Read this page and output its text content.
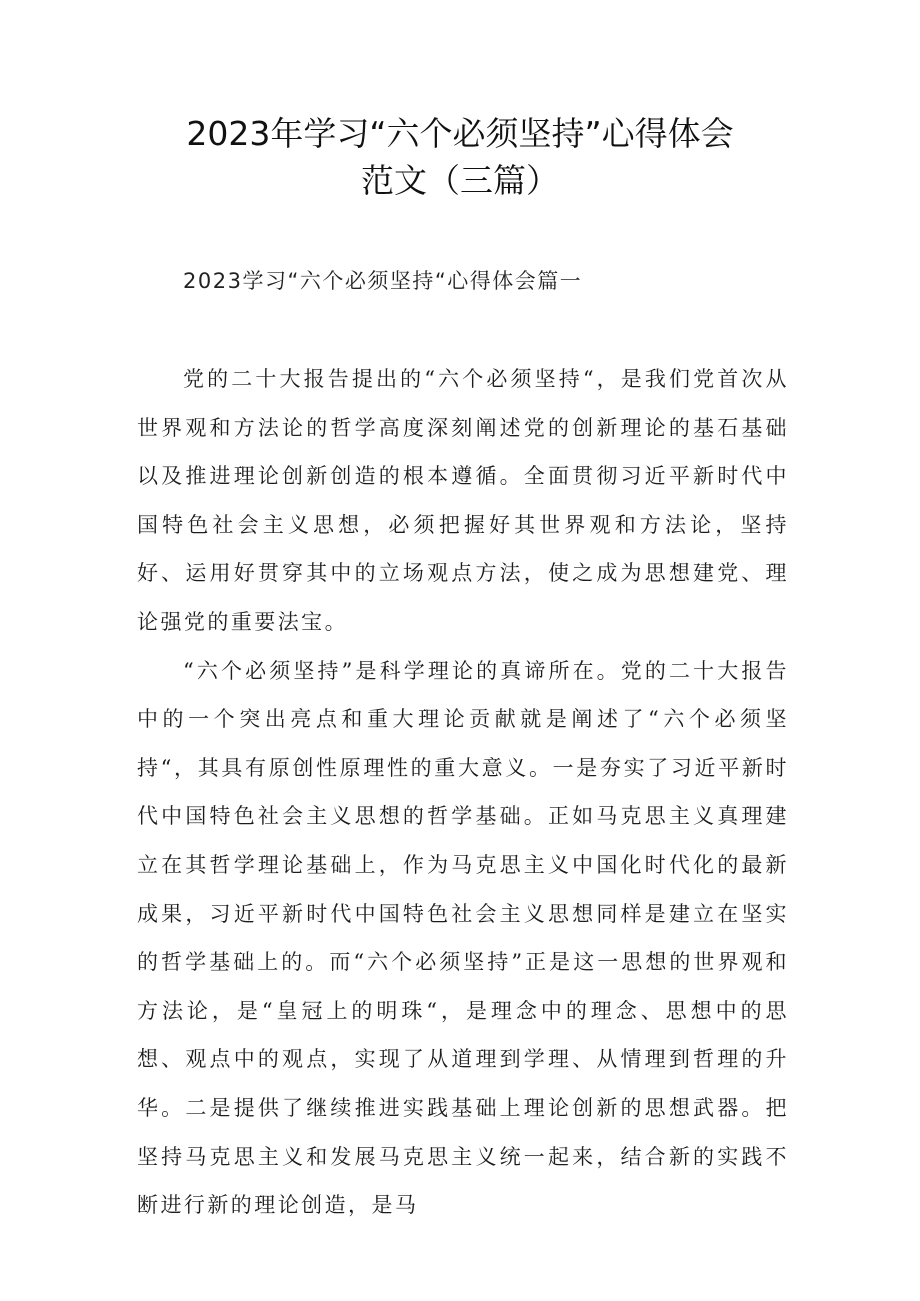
2023年学习“六个必须坚持”心得体会
范文（三篇）

2023学习“六个必须坚持“心得体会篇一

党的二十大报告提出的“六个必须坚持“，是我们党首次从世界观和方法论的哲学高度深刻阐述党的创新理论的基石基础以及推进理论创新创造的根本遵循。全面贯彻习近平新时代中国特色社会主义思想，必须把握好其世界观和方法论，坚持好、运用好贯穿其中的立场观点方法，使之成为思想建党、理论强党的重要法宝。

“六个必须坚持”是科学理论的真谛所在。党的二十大报告中的一个突出亮点和重大理论贡献就是阐述了“六个必须坚持“，其具有原创性原理性的重大意义。一是夯实了习近平新时代中国特色社会主义思想的哲学基础。正如马克思主义真理建立在其哲学理论基础上，作为马克思主义中国化时代化的最新成果，习近平新时代中国特色社会主义思想同样是建立在坚实的哲学基础上的。而“六个必须坚持”正是这一思想的世界观和方法论，是“皇冠上的明珠“，是理念中的理念、思想中的思想、观点中的观点，实现了从道理到学理、从情理到哲理的升华。二是提供了继续推进实践基础上理论创新的思想武器。把坚持马克思主义和发展马克思主义统一起来，结合新的实践不断进行新的理论创造，是马
